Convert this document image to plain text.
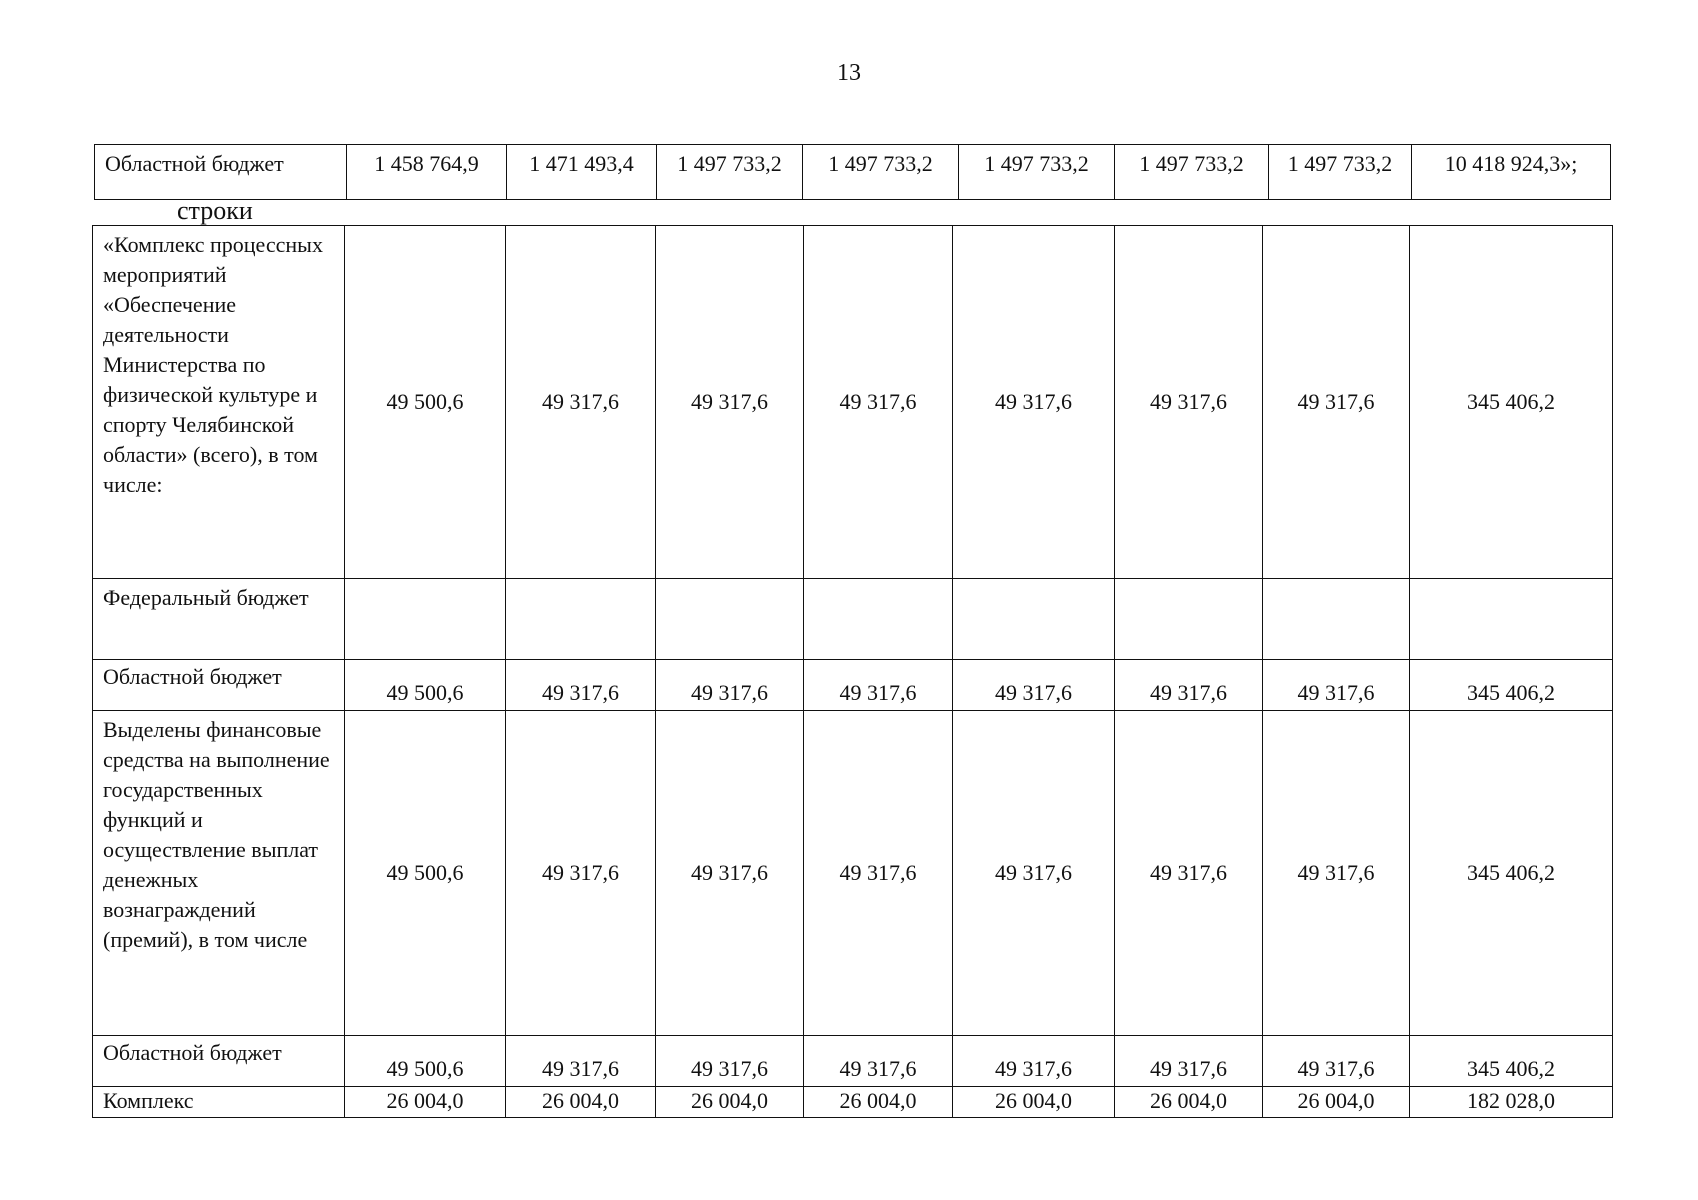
13
Областной бюджет	1 458 764,9	1 471 493,4	1 497 733,2	1 497 733,2	1 497 733,2	1 497 733,2	1 497 733,2	10 418 924,3»;
строки
«Комплекс процессных мероприятий «Обеспечение деятельности Министерства по физической культуре и спорту Челябинской области» (всего), в том числе:	49 500,6	49 317,6	49 317,6	49 317,6	49 317,6	49 317,6	49 317,6	345 406,2

Федеральный бюджет								

Областной бюджет	49 500,6	49 317,6	49 317,6	49 317,6	49 317,6	49 317,6	49 317,6	345 406,2

Выделены финансовые средства на выполнение государственных функций и осуществление выплат денежных вознаграждений (премий), в том числе	49 500,6	49 317,6	49 317,6	49 317,6	49 317,6	49 317,6	49 317,6	345 406,2

Областной бюджет	49 500,6	49 317,6	49 317,6	49 317,6	49 317,6	49 317,6	49 317,6	345 406,2

Комплекс	26 004,0	26 004,0	26 004,0	26 004,0	26 004,0	26 004,0	26 004,0	182 028,0
